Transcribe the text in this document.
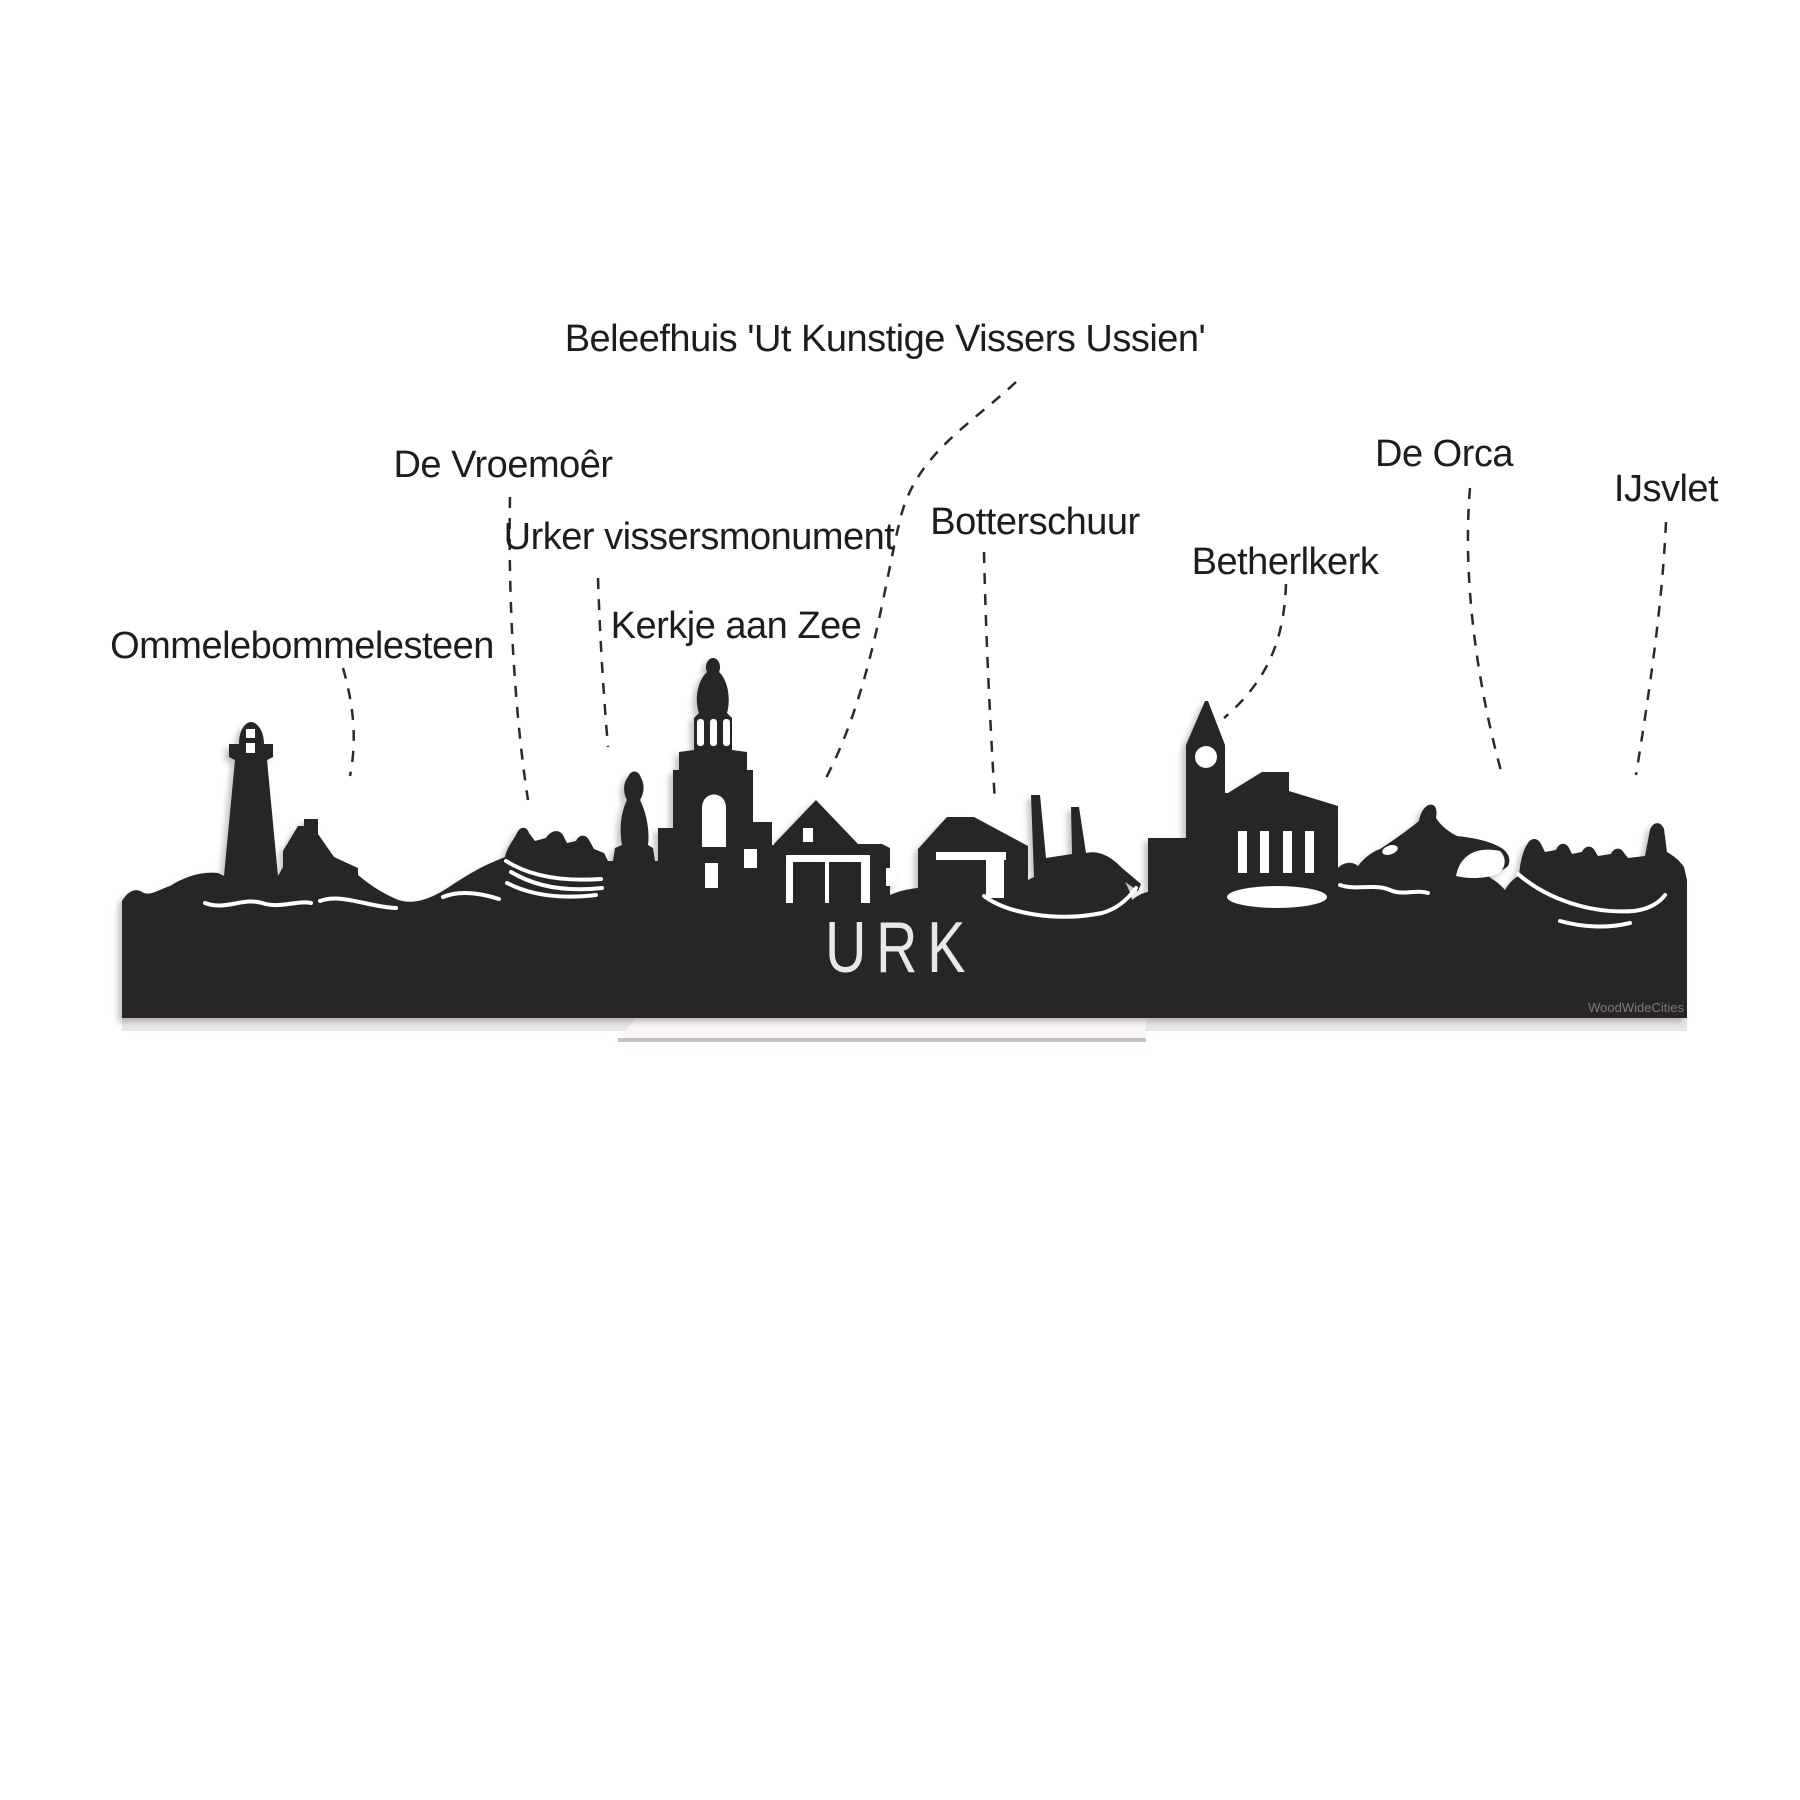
URK
WoodWideCities
Ommelebommelesteen
De Vroemoêr
Urker vissersmonument
Kerkje aan Zee
Beleefhuis 'Ut Kunstige Vissers Ussien'
Botterschuur
Betherlkerk
De Orca
IJsvlet
